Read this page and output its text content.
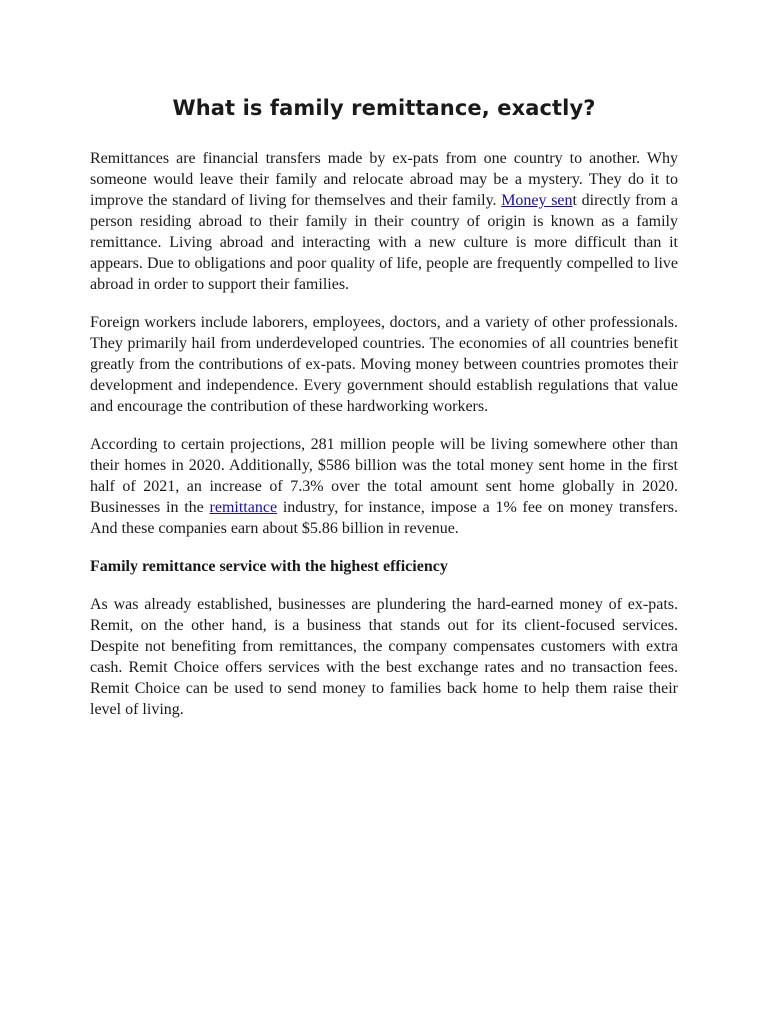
What is family remittance, exactly?

Remittances are financial transfers made by ex-pats from one country to another. Why someone would leave their family and relocate abroad may be a mystery. They do it to improve the standard of living for themselves and their family. Money sent directly from a person residing abroad to their family in their country of origin is known as a family remittance. Living abroad and interacting with a new culture is more difficult than it appears. Due to obligations and poor quality of life, people are frequently compelled to live abroad in order to support their families.

Foreign workers include laborers, employees, doctors, and a variety of other professionals. They primarily hail from underdeveloped countries. The economies of all countries benefit greatly from the contributions of ex-pats. Moving money between countries promotes their development and independence. Every government should establish regulations that value and encourage the contribution of these hardworking workers.

According to certain projections, 281 million people will be living somewhere other than their homes in 2020. Additionally, $586 billion was the total money sent home in the first half of 2021, an increase of 7.3% over the total amount sent home globally in 2020. Businesses in the remittance industry, for instance, impose a 1% fee on money transfers. And these companies earn about $5.86 billion in revenue.

Family remittance service with the highest efficiency

As was already established, businesses are plundering the hard-earned money of ex-pats. Remit, on the other hand, is a business that stands out for its client-focused services. Despite not benefiting from remittances, the company compensates customers with extra cash. Remit Choice offers services with the best exchange rates and no transaction fees. Remit Choice can be used to send money to families back home to help them raise their level of living.
